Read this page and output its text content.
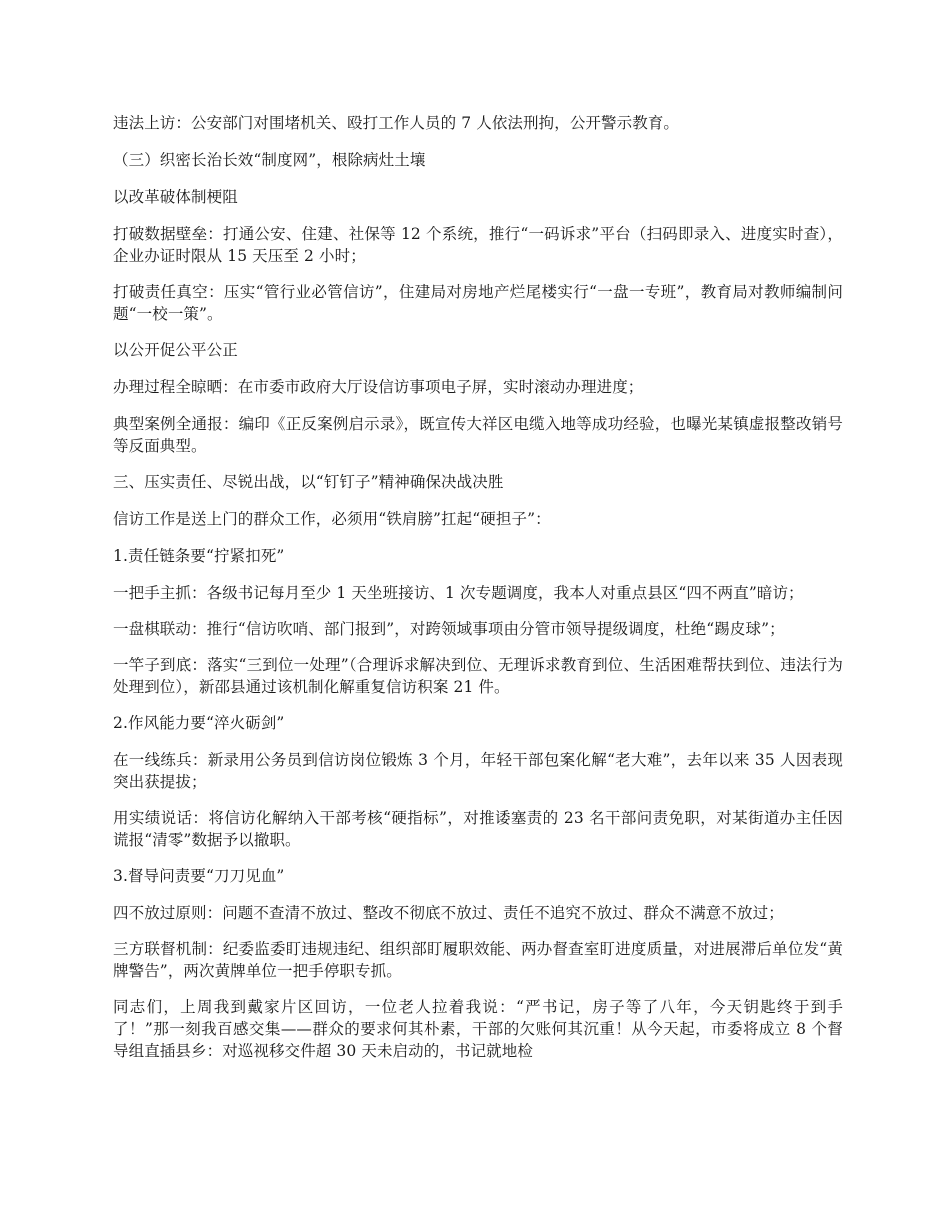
违法上访：公安部门对围堵机关、殴打工作人员的 7 人依法刑拘，公开警示教育。

（三）织密长治长效“制度网”，根除病灶土壤

以改革破体制梗阻

打破数据壁垒：打通公安、住建、社保等 12 个系统，推行“一码诉求”平台（扫码即录入、进度实时查），企业办证时限从 15 天压至 2 小时；

打破责任真空：压实“管行业必管信访”，住建局对房地产烂尾楼实行“一盘一专班”，教育局对教师编制问题“一校一策”。

以公开促公平公正

办理过程全晾晒：在市委市政府大厅设信访事项电子屏，实时滚动办理进度；

典型案例全通报：编印《正反案例启示录》，既宣传大祥区电缆入地等成功经验，也曝光某镇虚报整改销号等反面典型。

三、压实责任、尽锐出战，以“钉钉子”精神确保决战决胜

信访工作是送上门的群众工作，必须用“铁肩膀”扛起“硬担子”：

1.责任链条要“拧紧扣死”

一把手主抓：各级书记每月至少 1 天坐班接访、1 次专题调度，我本人对重点县区“四不两直”暗访；

一盘棋联动：推行“信访吹哨、部门报到”，对跨领域事项由分管市领导提级调度，杜绝“踢皮球”；

一竿子到底：落实“三到位一处理”（合理诉求解决到位、无理诉求教育到位、生活困难帮扶到位、违法行为处理到位），新邵县通过该机制化解重复信访积案 21 件。

2.作风能力要“淬火砺剑”

在一线练兵：新录用公务员到信访岗位锻炼 3 个月，年轻干部包案化解“老大难”，去年以来 35 人因表现突出获提拔；

用实绩说话：将信访化解纳入干部考核“硬指标”，对推诿塞责的 23 名干部问责免职，对某街道办主任因谎报“清零”数据予以撤职。

3.督导问责要“刀刀见血”

四不放过原则：问题不查清不放过、整改不彻底不放过、责任不追究不放过、群众不满意不放过；

三方联督机制：纪委监委盯违规违纪、组织部盯履职效能、两办督查室盯进度质量，对进展滞后单位发“黄牌警告”，两次黄牌单位一把手停职专抓。

同志们，上周我到戴家片区回访，一位老人拉着我说：“严书记，房子等了八年，今天钥匙终于到手了！”那一刻我百感交集——群众的要求何其朴素，干部的欠账何其沉重！从今天起，市委将成立 8 个督导组直插县乡：对巡视移交件超 30 天未启动的，书记就地检
